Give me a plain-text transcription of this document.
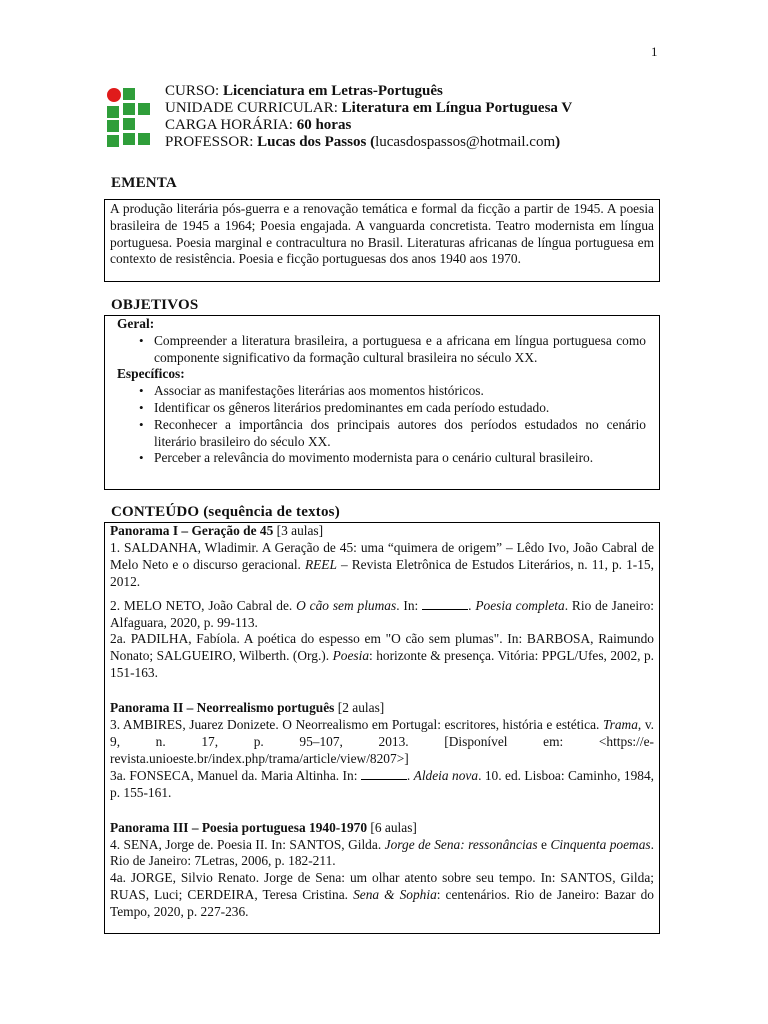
1
CURSO: Licenciatura em Letras-Português
UNIDADE CURRICULAR: Literatura em Língua Portuguesa V
CARGA HORÁRIA: 60 horas
PROFESSOR: Lucas dos Passos (lucasdospassos@hotmail.com)
EMENTA
A produção literária pós-guerra e a renovação temática e formal da ficção a partir de 1945. A poesia brasileira de 1945 a 1964; Poesia engajada. A vanguarda concretista. Teatro modernista em língua portuguesa. Poesia marginal e contracultura no Brasil. Literaturas africanas de língua portuguesa em contexto de resistência. Poesia e ficção portuguesas dos anos 1940 aos 1970.
OBJETIVOS
Geral:
• Compreender a literatura brasileira, a portuguesa e a africana em língua portuguesa como componente significativo da formação cultural brasileira no século XX.
Específicos:
• Associar as manifestações literárias aos momentos históricos.
• Identificar os gêneros literários predominantes em cada período estudado.
• Reconhecer a importância dos principais autores dos períodos estudados no cenário literário brasileiro do século XX.
• Perceber a relevância do movimento modernista para o cenário cultural brasileiro.
CONTEÚDO (sequência de textos)
Panorama I – Geração de 45 [3 aulas]
1. SALDANHA, Wladimir. A Geração de 45: uma “quimera de origem” – Lêdo Ivo, João Cabral de Melo Neto e o discurso geracional. REEL – Revista Eletrônica de Estudos Literários, n. 11, p. 1-15, 2012.
2. MELO NETO, João Cabral de. O cão sem plumas. In:	. Poesia completa. Rio de Janeiro: Alfaguara, 2020, p. 99-113.
2a. PADILHA, Fabíola. A poética do espesso em "O cão sem plumas". In: BARBOSA, Raimundo Nonato; SALGUEIRO, Wilberth. (Org.). Poesia: horizonte & presença. Vitória: PPGL/Ufes, 2002, p. 151-163.
Panorama II – Neorrealismo português [2 aulas]
3. AMBIRES, Juarez Donizete. O Neorrealismo em Portugal: escritores, história e estética. Trama, v. 9, n. 17, p. 95–107, 2013. [Disponível em: <https://e-revista.unioeste.br/index.php/trama/article/view/8207>]
3a. FONSECA, Manuel da. Maria Altinha. In:	. Aldeia nova. 10. ed. Lisboa: Caminho, 1984, p. 155-161.
Panorama III – Poesia portuguesa 1940-1970 [6 aulas]
4. SENA, Jorge de. Poesia II. In: SANTOS, Gilda. Jorge de Sena: ressonâncias e Cinquenta poemas. Rio de Janeiro: 7Letras, 2006, p. 182-211.
4a. JORGE, Silvio Renato. Jorge de Sena: um olhar atento sobre seu tempo. In: SANTOS, Gilda; RUAS, Luci; CERDEIRA, Teresa Cristina. Sena & Sophia: centenários. Rio de Janeiro: Bazar do Tempo, 2020, p. 227-236.
